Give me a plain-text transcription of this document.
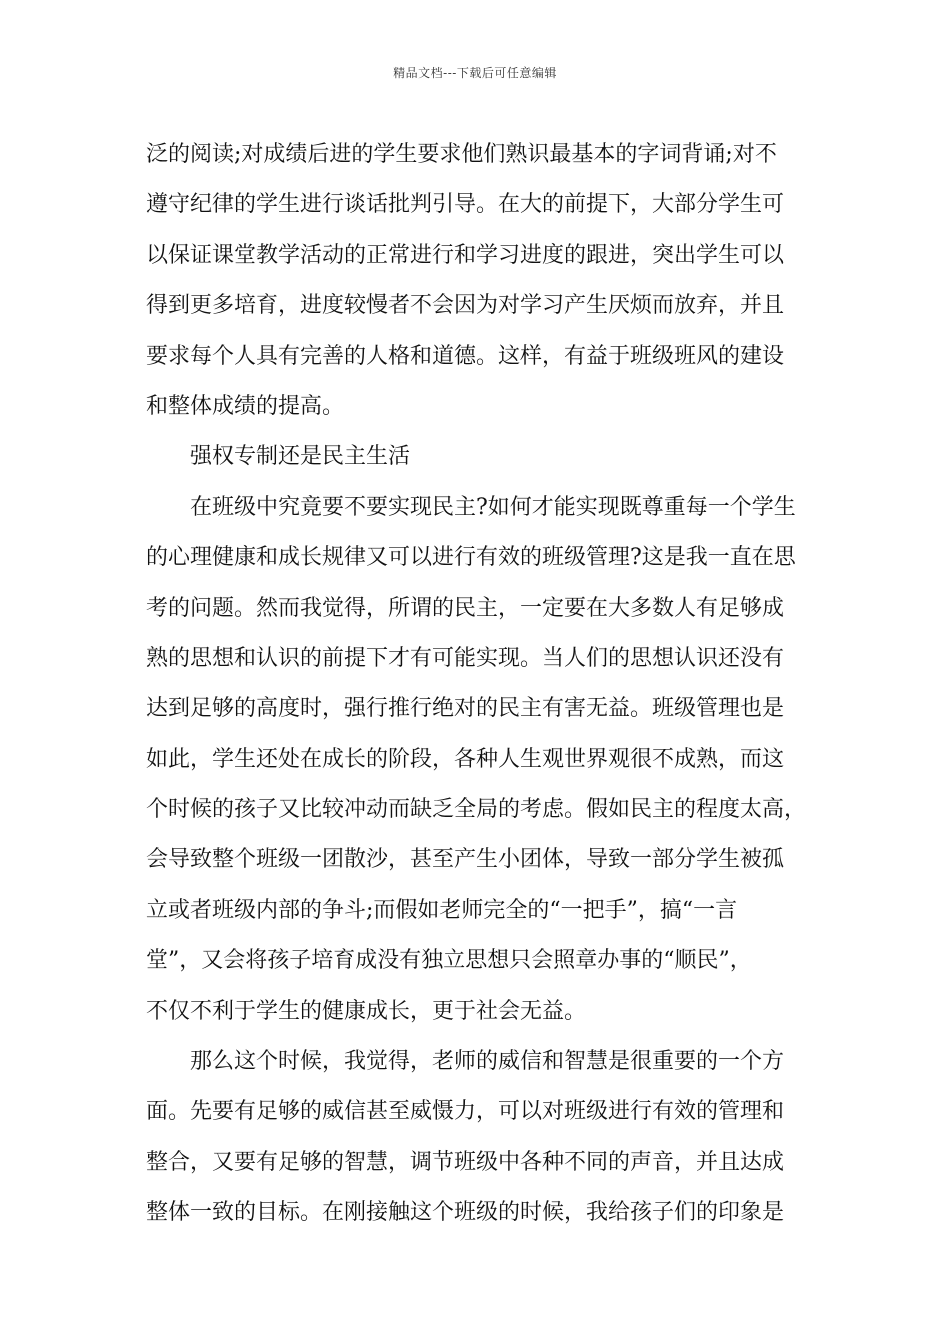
精品文档---下载后可任意编辑
泛的阅读;对成绩后进的学生要求他们熟识最基本的字词背诵;对不
遵守纪律的学生进行谈话批判引导。在大的前提下，大部分学生可
以保证课堂教学活动的正常进行和学习进度的跟进，突出学生可以
得到更多培育，进度较慢者不会因为对学习产生厌烦而放弃，并且
要求每个人具有完善的人格和道德。这样，有益于班级班风的建设
和整体成绩的提高。
强权专制还是民主生活
在班级中究竟要不要实现民主?如何才能实现既尊重每一个学生
的心理健康和成长规律又可以进行有效的班级管理?这是我一直在思
考的问题。然而我觉得，所谓的民主，一定要在大多数人有足够成
熟的思想和认识的前提下才有可能实现。当人们的思想认识还没有
达到足够的高度时，强行推行绝对的民主有害无益。班级管理也是
如此，学生还处在成长的阶段，各种人生观世界观很不成熟，而这
个时候的孩子又比较冲动而缺乏全局的考虑。假如民主的程度太高，
会导致整个班级一团散沙，甚至产生小团体，导致一部分学生被孤
立或者班级内部的争斗;而假如老师完全的“一把手”，搞“一言
堂”，又会将孩子培育成没有独立思想只会照章办事的“顺民”，
不仅不利于学生的健康成长，更于社会无益。
那么这个时候，我觉得，老师的威信和智慧是很重要的一个方
面。先要有足够的威信甚至威慑力，可以对班级进行有效的管理和
整合，又要有足够的智慧，调节班级中各种不同的声音，并且达成
整体一致的目标。在刚接触这个班级的时候，我给孩子们的印象是
